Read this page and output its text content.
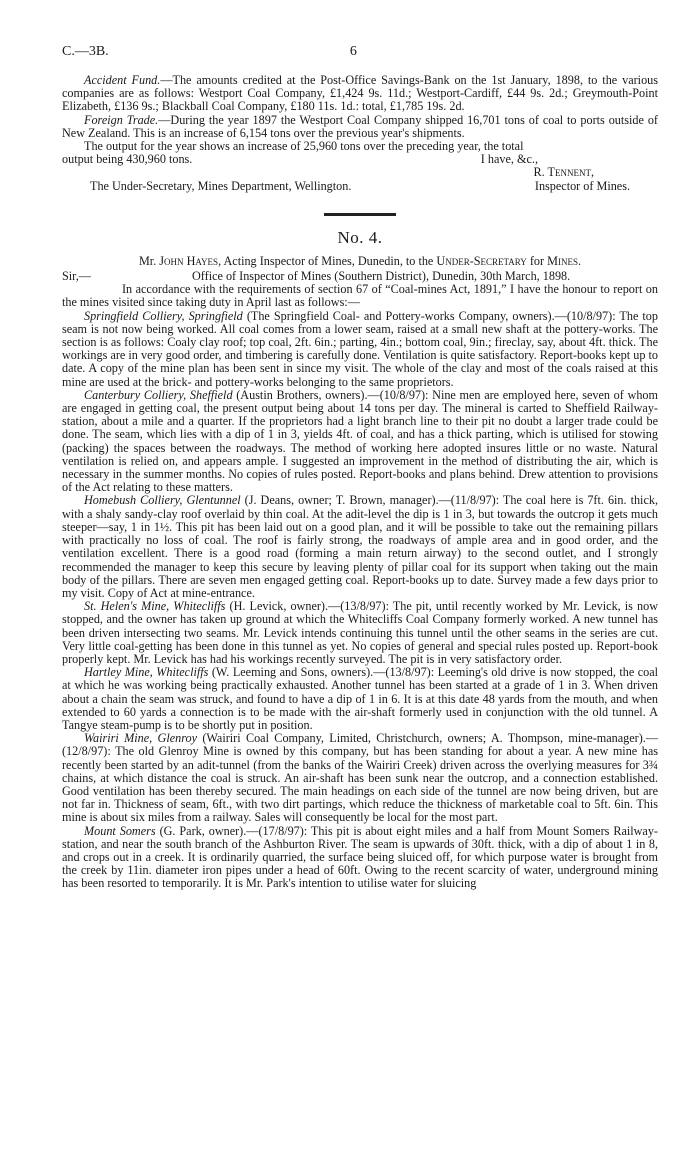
C.—3B.	6

Accident Fund.—The amounts credited at the Post-Office Savings-Bank on the 1st January, 1898, to the various companies are as follows: Westport Coal Company, £1,424 9s. 11d.; Westport-Cardiff, £44 9s. 2d.; Greymouth-Point Elizabeth, £136 9s.; Blackball Coal Company, £180 11s. 1d.: total, £1,785 19s. 2d.

Foreign Trade.—During the year 1897 the Westport Coal Company shipped 16,701 tons of coal to ports outside of New Zealand. This is an increase of 6,154 tons over the previous year's shipments.

The output for the year shows an increase of 25,960 tons over the preceding year, the total

output being 430,960 tons.	I have, &c.,
R. Tennent,
The Under-Secretary, Mines Department, Wellington.	Inspector of Mines.
No. 4.
Mr. John Hayes, Acting Inspector of Mines, Dunedin, to the Under-Secretary for Mines.
Sir,—	Office of Inspector of Mines (Southern District), Dunedin, 30th March, 1898.

In accordance with the requirements of section 67 of “Coal-mines Act, 1891,” I have the honour to report on the mines visited since taking duty in April last as follows:—

Springfield Colliery, Springfield (The Springfield Coal- and Pottery-works Company, owners).—(10/8/97): The top seam is not now being worked. All coal comes from a lower seam, raised at a small new shaft at the pottery-works. The section is as follows: Coaly clay roof; top coal, 2ft. 6in.; parting, 4in.; bottom coal, 9in.; fireclay, say, about 4ft. thick. The workings are in very good order, and timbering is carefully done. Ventilation is quite satisfactory. Report-books kept up to date. A copy of the mine plan has been sent in since my visit. The whole of the clay and most of the coals raised at this mine are used at the brick- and pottery-works belonging to the same proprietors.

Canterbury Colliery, Sheffield (Austin Brothers, owners).—(10/8/97): Nine men are employed here, seven of whom are engaged in getting coal, the present output being about 14 tons per day. The mineral is carted to Sheffield Railway-station, about a mile and a quarter. If the proprietors had a light branch line to their pit no doubt a larger trade could be done. The seam, which lies with a dip of 1 in 3, yields 4ft. of coal, and has a thick parting, which is utilised for stowing (packing) the spaces between the roadways. The method of working here adopted insures little or no waste. Natural ventilation is relied on, and appears ample. I suggested an improvement in the method of distributing the air, which is necessary in the summer months. No copies of rules posted. Report-books and plans behind. Drew attention to provisions of the Act relating to these matters.

Homebush Colliery, Glentunnel (J. Deans, owner; T. Brown, manager).—(11/8/97): The coal here is 7ft. 6in. thick, with a shaly sandy-clay roof overlaid by thin coal. At the adit-level the dip is 1 in 3, but towards the outcrop it gets much steeper—say, 1 in 1½. This pit has been laid out on a good plan, and it will be possible to take out the remaining pillars with practically no loss of coal. The roof is fairly strong, the roadways of ample area and in good order, and the ventilation excellent. There is a good road (forming a main return airway) to the second outlet, and I strongly recommended the manager to keep this secure by leaving plenty of pillar coal for its support when taking out the main body of the pillars. There are seven men engaged getting coal. Report-books up to date. Survey made a few days prior to my visit. Copy of Act at mine-entrance.

St. Helen's Mine, Whitecliffs (H. Levick, owner).—(13/8/97): The pit, until recently worked by Mr. Levick, is now stopped, and the owner has taken up ground at which the Whitecliffs Coal Company formerly worked. A new tunnel has been driven intersecting two seams. Mr. Levick intends continuing this tunnel until the other seams in the series are cut. Very little coal-getting has been done in this tunnel as yet. No copies of general and special rules posted up. Report-book properly kept. Mr. Levick has had his workings recently surveyed. The pit is in very satisfactory order.

Hartley Mine, Whitecliffs (W. Leeming and Sons, owners).—(13/8/97): Leeming's old drive is now stopped, the coal at which he was working being practically exhausted. Another tunnel has been started at a grade of 1 in 3. When driven about a chain the seam was struck, and found to have a dip of 1 in 6. It is at this date 48 yards from the mouth, and when extended to 60 yards a connection is to be made with the air-shaft formerly used in conjunction with the old tunnel. A Tangye steam-pump is to be shortly put in position.

Wairiri Mine, Glenroy (Wairiri Coal Company, Limited, Christchurch, owners; A. Thompson, mine-manager).—(12/8/97): The old Glenroy Mine is owned by this company, but has been standing for about a year. A new mine has recently been started by an adit-tunnel (from the banks of the Wairiri Creek) driven across the overlying measures for 3¾ chains, at which distance the coal is struck. An air-shaft has been sunk near the outcrop, and a connection established. Good ventilation has been thereby secured. The main headings on each side of the tunnel are now being driven, but are not far in. Thickness of seam, 6ft., with two dirt partings, which reduce the thickness of marketable coal to 5ft. 6in. This mine is about six miles from a railway. Sales will consequently be local for the most part.

Mount Somers (G. Park, owner).—(17/8/97): This pit is about eight miles and a half from Mount Somers Railway-station, and near the south branch of the Ashburton River. The seam is upwards of 30ft. thick, with a dip of about 1 in 8, and crops out in a creek. It is ordinarily quarried, the surface being sluiced off, for which purpose water is brought from the creek by 11in. diameter iron pipes under a head of 60ft. Owing to the recent scarcity of water, underground mining has been resorted to temporarily. It is Mr. Park's intention to utilise water for sluicing
